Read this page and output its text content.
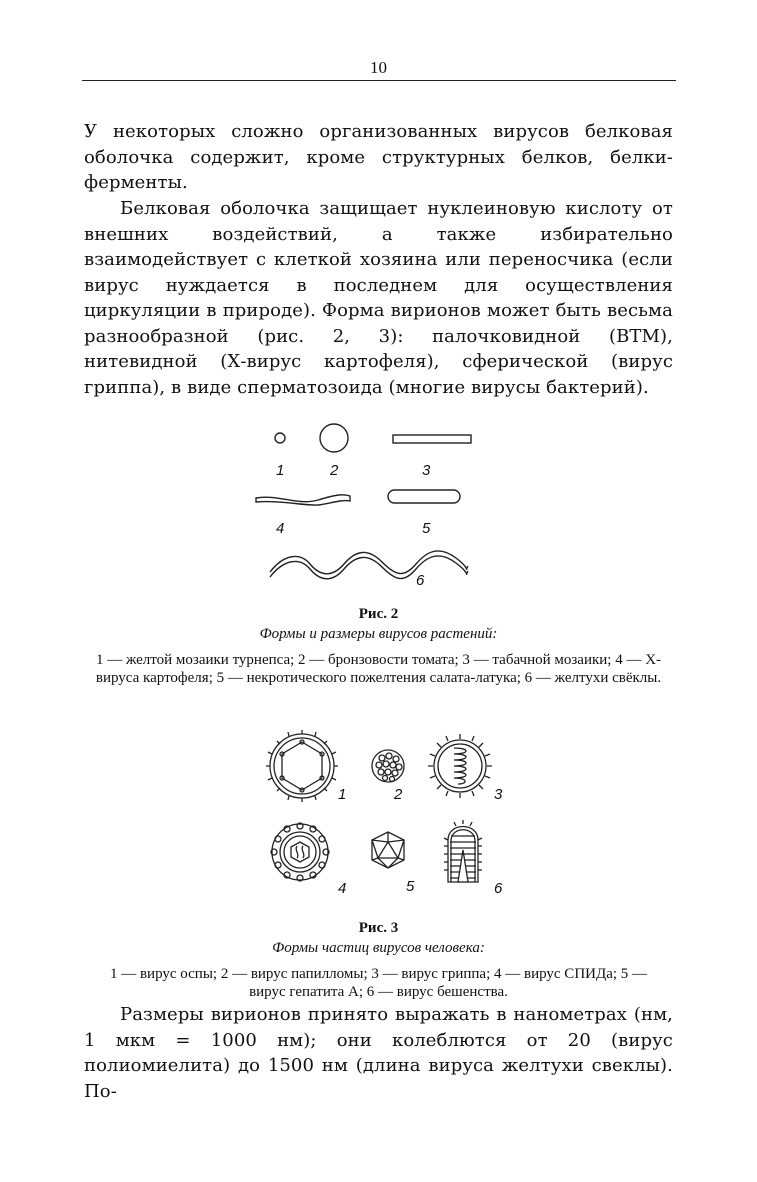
10

У некоторых сложно организованных вирусов белковая оболочка содержит, кроме структурных белков, белки-ферменты.

Белковая оболочка защищает нуклеиновую кислоту от внешних воздействий, а также избирательно взаимодействует с клеткой хозяина или переносчика (если вирус нуждается в последнем для осуществления циркуляции в природе). Форма вирионов может быть весьма разнообразной (рис. 2, 3): палочковидной (ВТМ), нитевидной (Х-вирус картофеля), сферической (вирус гриппа), в виде сперматозоида (многие вирусы бактерий).

1	2	3
4	5
6
Рис. 2
Формы и размеры вирусов растений:

1 — желтой мозаики турнепса; 2 — бронзовости томата; 3 — табачной мозаики; 4 — Х-вируса картофеля; 5 — некротического пожелтения салата-латука; 6 — желтухи свёклы.

1	2	3
4	5	6
Рис. 3
Формы частиц вирусов человека:

1 — вирус оспы; 2 — вирус папилломы; 3 — вирус гриппа; 4 — вирус СПИДа; 5 — вирус гепатита А; 6 — вирус бешенства.

Размеры вирионов принято выражать в нанометрах (нм, 1 мкм = 1000 нм); они колеблются от 20 (вирус полиомиелита) до 1500 нм (длина вируса желтухи свеклы). По-
